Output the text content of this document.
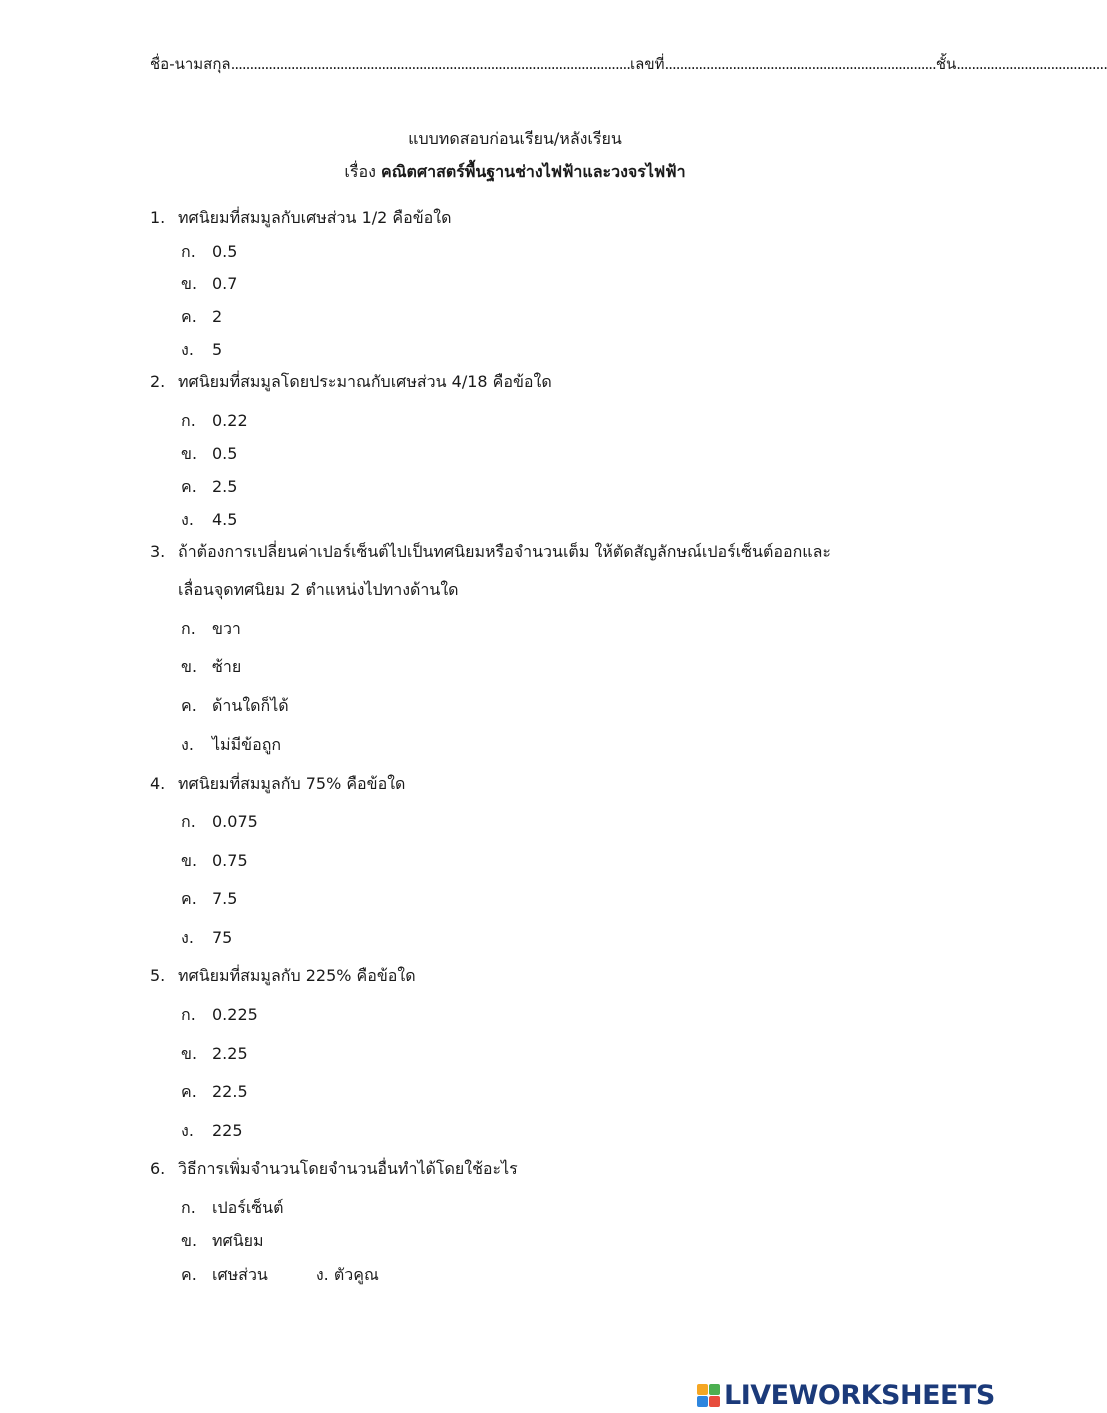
ชื่อ-นามสกุล..........................................................................................................เลขที่........................................................................ชั้น........................................
แบบทดสอบก่อนเรียน/หลังเรียน
เรื่อง คณิตศาสตร์พื้นฐานช่างไฟฟ้าและวงจรไฟฟ้า
1. ทศนิยมที่สมมูลกับเศษส่วน 1/2 คือข้อใด
ก. 0.5
ข. 0.7
ค. 2
ง. 5
2. ทศนิยมที่สมมูลโดยประมาณกับเศษส่วน 4/18 คือข้อใด
ก. 0.22
ข. 0.5
ค. 2.5
ง. 4.5
3. ถ้าต้องการเปลี่ยนค่าเปอร์เซ็นต์ไปเป็นทศนิยมหรือจำนวนเต็ม ให้ตัดสัญลักษณ์เปอร์เซ็นต์ออกและ
เลื่อนจุดทศนิยม 2 ตำแหน่งไปทางด้านใด
ก. ขวา
ข. ซ้าย
ค. ด้านใดก็ได้
ง. ไม่มีข้อถูก
4. ทศนิยมที่สมมูลกับ 75% คือข้อใด
ก. 0.075
ข. 0.75
ค. 7.5
ง. 75
5. ทศนิยมที่สมมูลกับ 225% คือข้อใด
ก. 0.225
ข. 2.25
ค. 22.5
ง. 225
6. วิธีการเพิ่มจำนวนโดยจำนวนอื่นทำได้โดยใช้อะไร
ก. เปอร์เซ็นต์
ข. ทศนิยม
ค. เศษส่วน	ง. ตัวคูณ
LIVEWORKSHEETS
